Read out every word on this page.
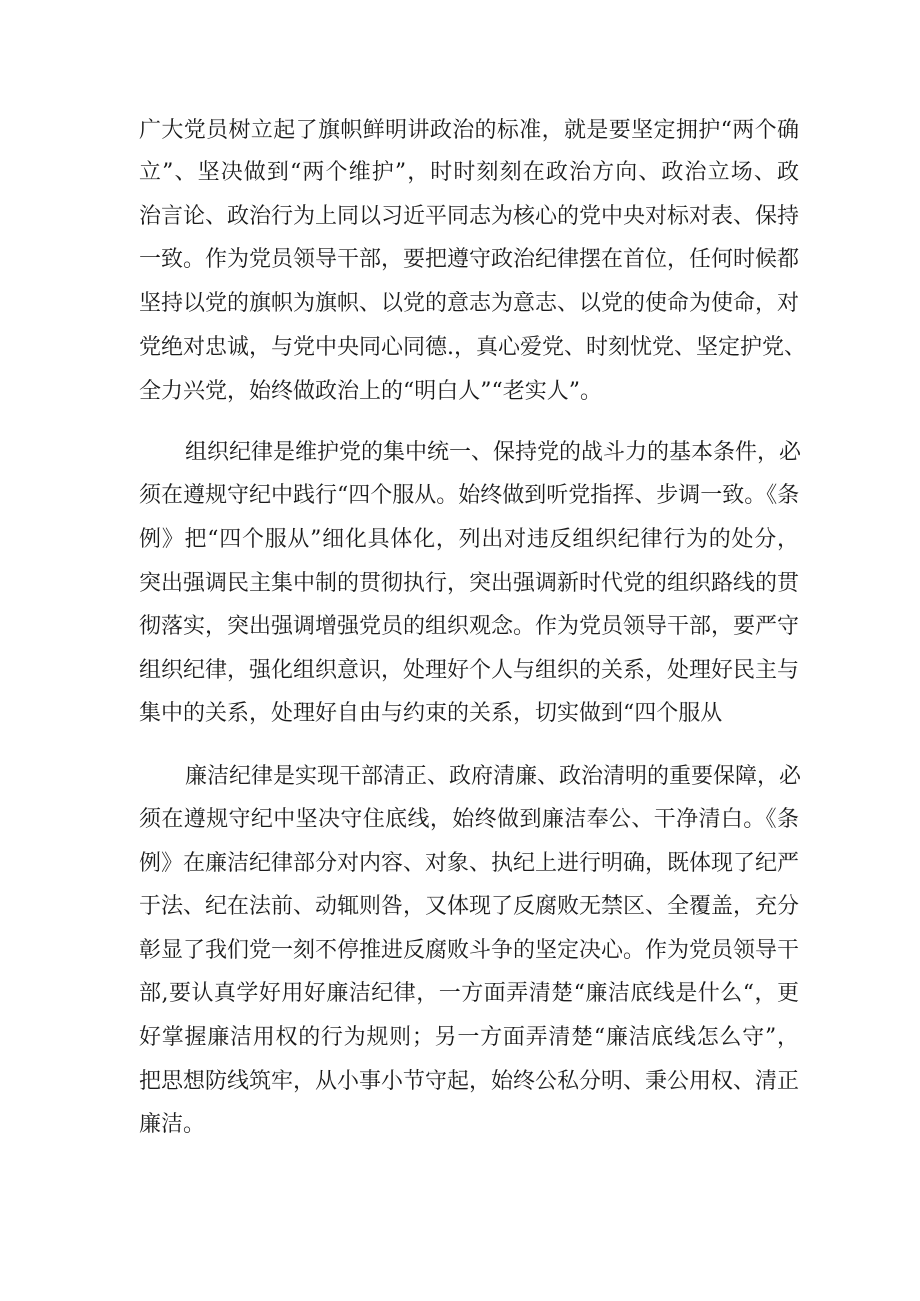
广大党员树立起了旗帜鲜明讲政治的标准，就是要坚定拥护“两个确
立”、坚决做到“两个维护”，时时刻刻在政治方向、政治立场、政
治言论、政治行为上同以习近平同志为核心的党中央对标对表、保持
一致。作为党员领导干部，要把遵守政治纪律摆在首位，任何时候都
坚持以党的旗帜为旗帜、以党的意志为意志、以党的使命为使命，对
党绝对忠诚，与党中央同心同德.，真心爱党、时刻忧党、坚定护党、
全力兴党，始终做政治上的“明白人”“老实人”。
组织纪律是维护党的集中统一、保持党的战斗力的基本条件，必
须在遵规守纪中践行“四个服从。始终做到听党指挥、步调一致。《条
例》把“四个服从”细化具体化，列出对违反组织纪律行为的处分，
突出强调民主集中制的贯彻执行，突出强调新时代党的组织路线的贯
彻落实，突出强调增强党员的组织观念。作为党员领导干部，要严守
组织纪律，强化组织意识，处理好个人与组织的关系，处理好民主与
集中的关系，处理好自由与约束的关系，切实做到“四个服从
廉洁纪律是实现干部清正、政府清廉、政治清明的重要保障，必
须在遵规守纪中坚决守住底线，始终做到廉洁奉公、干净清白。《条
例》在廉洁纪律部分对内容、对象、执纪上进行明确，既体现了纪严
于法、纪在法前、动辄则咎，又体现了反腐败无禁区、全覆盖，充分
彰显了我们党一刻不停推进反腐败斗争的坚定决心。作为党员领导干
部,要认真学好用好廉洁纪律，一方面弄清楚“廉洁底线是什么“，更
好掌握廉洁用权的行为规则；另一方面弄清楚“廉洁底线怎么守”，
把思想防线筑牢，从小事小节守起，始终公私分明、秉公用权、清正
廉洁。
